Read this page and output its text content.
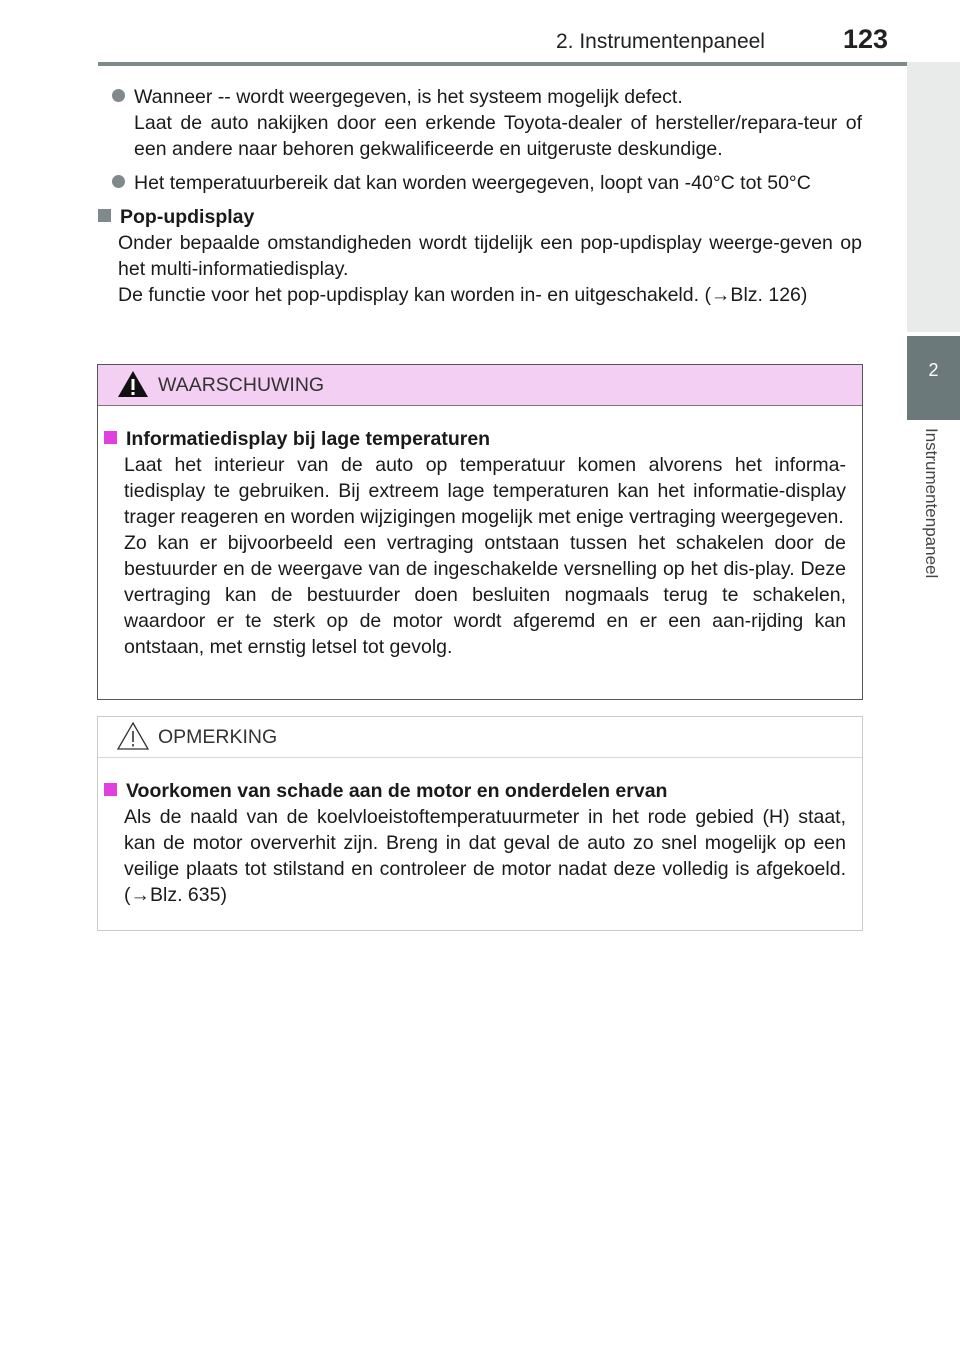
2. Instrumentenpaneel	123
2
Instrumentenpaneel

Wanneer -- wordt weergegeven, is het systeem mogelijk defect.

Laat de auto nakijken door een erkende Toyota-dealer of hersteller/repara-teur of een andere naar behoren gekwalificeerde en uitgeruste deskundige.

Het temperatuurbereik dat kan worden weergegeven, loopt van -40°C tot 50°C

Pop-updisplay

Onder bepaalde omstandigheden wordt tijdelijk een pop-updisplay weerge-geven op het multi-informatiedisplay.

De functie voor het pop-updisplay kan worden in- en uitgeschakeld. (→Blz. 126)

WAARSCHUWING
Informatiedisplay bij lage temperaturen

Laat het interieur van de auto op temperatuur komen alvorens het informa-tiedisplay te gebruiken. Bij extreem lage temperaturen kan het informatie-display trager reageren en worden wijzigingen mogelijk met enige vertraging weergegeven.

Zo kan er bijvoorbeeld een vertraging ontstaan tussen het schakelen door de bestuurder en de weergave van de ingeschakelde versnelling op het dis-play. Deze vertraging kan de bestuurder doen besluiten nogmaals terug te schakelen, waardoor er te sterk op de motor wordt afgeremd en er een aan-rijding kan ontstaan, met ernstig letsel tot gevolg.

OPMERKING
Voorkomen van schade aan de motor en onderdelen ervan

Als de naald van de koelvloeistoftemperatuurmeter in het rode gebied (H) staat, kan de motor oververhit zijn. Breng in dat geval de auto zo snel mogelijk op een veilige plaats tot stilstand en controleer de motor nadat deze volledig is afgekoeld. (→Blz. 635)
